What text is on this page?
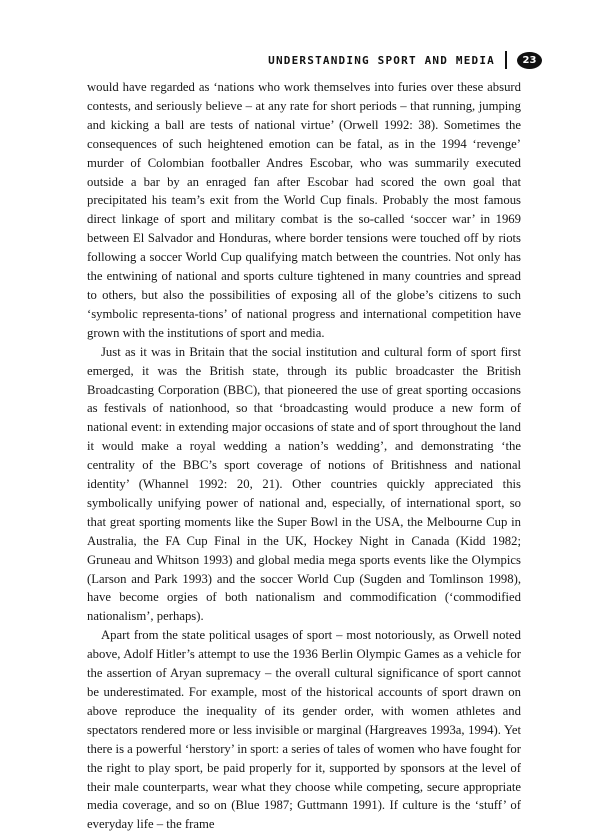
UNDERSTANDING SPORT AND MEDIA	23

would have regarded as ‘nations who work themselves into furies over these absurd contests, and seriously believe – at any rate for short periods – that running, jumping and kicking a ball are tests of national virtue’ (Orwell 1992: 38). Sometimes the consequences of such heightened emotion can be fatal, as in the 1994 ‘revenge’ murder of Colombian footballer Andres Escobar, who was summarily executed outside a bar by an enraged fan after Escobar had scored the own goal that precipitated his team’s exit from the World Cup finals. Probably the most famous direct linkage of sport and military combat is the so-called ‘soccer war’ in 1969 between El Salvador and Honduras, where border tensions were touched off by riots following a soccer World Cup qualifying match between the countries. Not only has the entwining of national and sports culture tightened in many countries and spread to others, but also the possibilities of exposing all of the globe’s citizens to such ‘symbolic representa-tions’ of national progress and international competition have grown with the institutions of sport and media.

Just as it was in Britain that the social institution and cultural form of sport first emerged, it was the British state, through its public broadcaster the British Broadcasting Corporation (BBC), that pioneered the use of great sporting occasions as festivals of nationhood, so that ‘broadcasting would produce a new form of national event: in extending major occasions of state and of sport throughout the land it would make a royal wedding a nation’s wedding’, and demonstrating ‘the centrality of the BBC’s sport coverage of notions of Britishness and national identity’ (Whannel 1992: 20, 21). Other countries quickly appreciated this symbolically unifying power of national and, especially, of international sport, so that great sporting moments like the Super Bowl in the USA, the Melbourne Cup in Australia, the FA Cup Final in the UK, Hockey Night in Canada (Kidd 1982; Gruneau and Whitson 1993) and global media mega sports events like the Olympics (Larson and Park 1993) and the soccer World Cup (Sugden and Tomlinson 1998), have become orgies of both nationalism and commodification (‘commodified nationalism’, perhaps).

Apart from the state political usages of sport – most notoriously, as Orwell noted above, Adolf Hitler’s attempt to use the 1936 Berlin Olympic Games as a vehicle for the assertion of Aryan supremacy – the overall cultural significance of sport cannot be underestimated. For example, most of the historical accounts of sport drawn on above reproduce the inequality of its gender order, with women athletes and spectators rendered more or less invisible or marginal (Hargreaves 1993a, 1994). Yet there is a powerful ‘herstory’ in sport: a series of tales of women who have fought for the right to play sport, be paid properly for it, supported by sponsors at the level of their male counterparts, wear what they choose while competing, secure appropriate media coverage, and so on (Blue 1987; Guttmann 1991). If culture is the ‘stuff’ of everyday life – the frame
